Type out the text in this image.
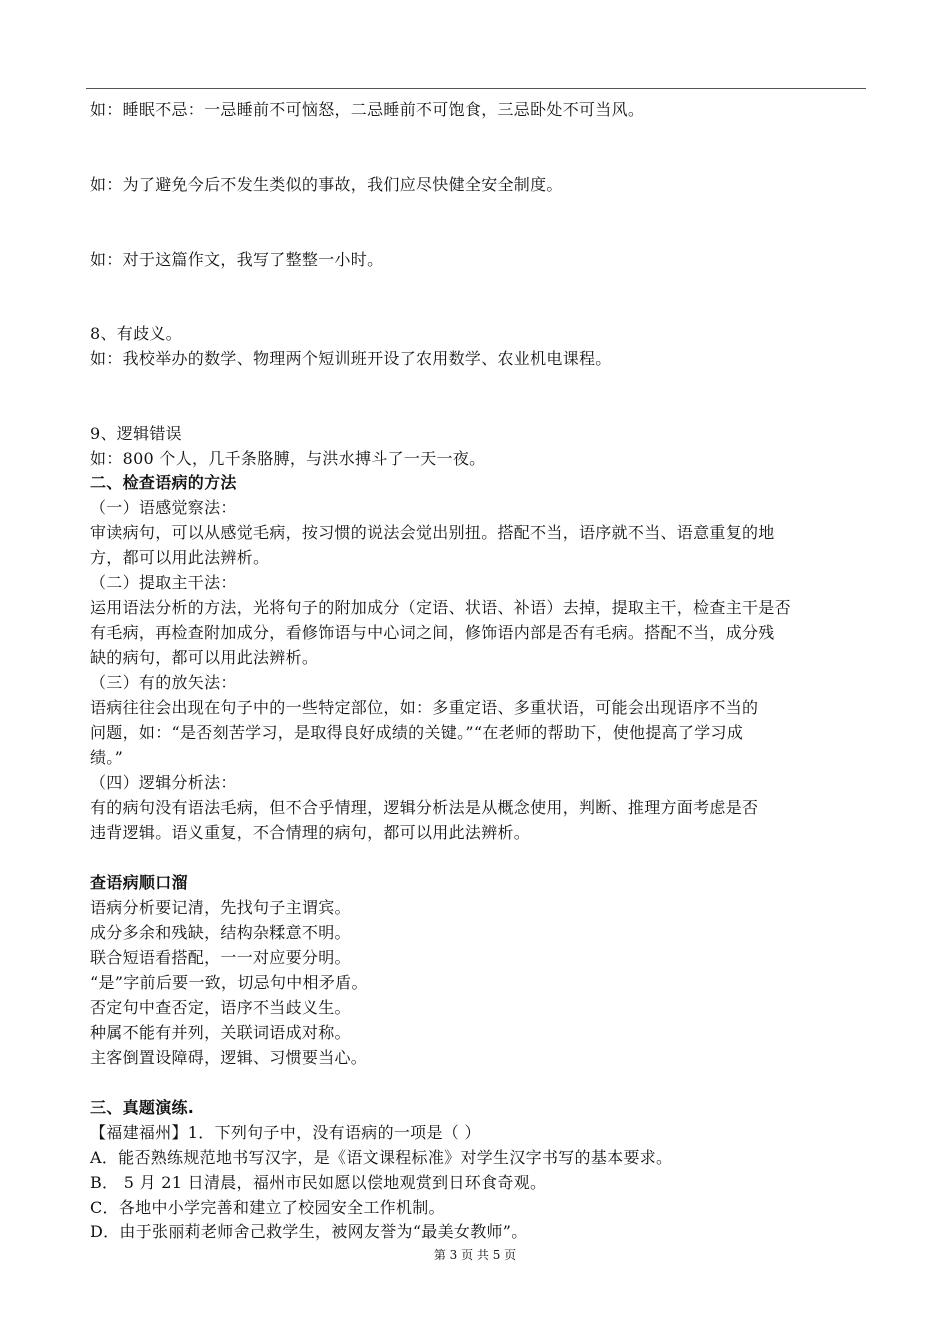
如：睡眠不忌：一忌睡前不可恼怒，二忌睡前不可饱食，三忌卧处不可当风。
如：为了避免今后不发生类似的事故，我们应尽快健全安全制度。
如：对于这篇作文，我写了整整一小时。
8、有歧义。
如：我校举办的数学、物理两个短训班开设了农用数学、农业机电课程。
9、逻辑错误
如：800 个人，几千条胳膊，与洪水搏斗了一天一夜。
二、检查语病的方法
（一）语感觉察法：
审读病句，可以从感觉毛病，按习惯的说法会觉出别扭。搭配不当，语序就不当、语意重复的地
方，都可以用此法辨析。
（二）提取主干法：
运用语法分析的方法，光将句子的附加成分（定语、状语、补语）去掉，提取主干，检查主干是否
有毛病，再检查附加成分，看修饰语与中心词之间，修饰语内部是否有毛病。搭配不当，成分残
缺的病句，都可以用此法辨析。
（三）有的放矢法：
语病往往会出现在句子中的一些特定部位，如：多重定语、多重状语，可能会出现语序不当的
问题，如：“是否刻苦学习，是取得良好成绩的关键。”“在老师的帮助下，使他提高了学习成
绩。”
（四）逻辑分析法：
有的病句没有语法毛病，但不合乎情理，逻辑分析法是从概念使用，判断、推理方面考虑是否
违背逻辑。语义重复，不合情理的病句，都可以用此法辨析。
查语病顺口溜
语病分析要记清，先找句子主谓宾。
成分多余和残缺，结构杂糅意不明。
联合短语看搭配，一一对应要分明。
“是”字前后要一致，切忌句中相矛盾。
否定句中查否定，语序不当歧义生。
种属不能有并列，关联词语成对称。
主客倒置设障碍，逻辑、习惯要当心。
三、真题演练.
【福建福州】1．下列句子中，没有语病的一项是（ ）
A．能否熟练规范地书写汉字，是《语文课程标准》对学生汉字书写的基本要求。
B． 5 月 21 日清晨，福州市民如愿以偿地观赏到日环食奇观。
C．各地中小学完善和建立了校园安全工作机制。
D．由于张丽莉老师舍己救学生，被网友誉为“最美女教师”。
第 3 页 共 5 页
